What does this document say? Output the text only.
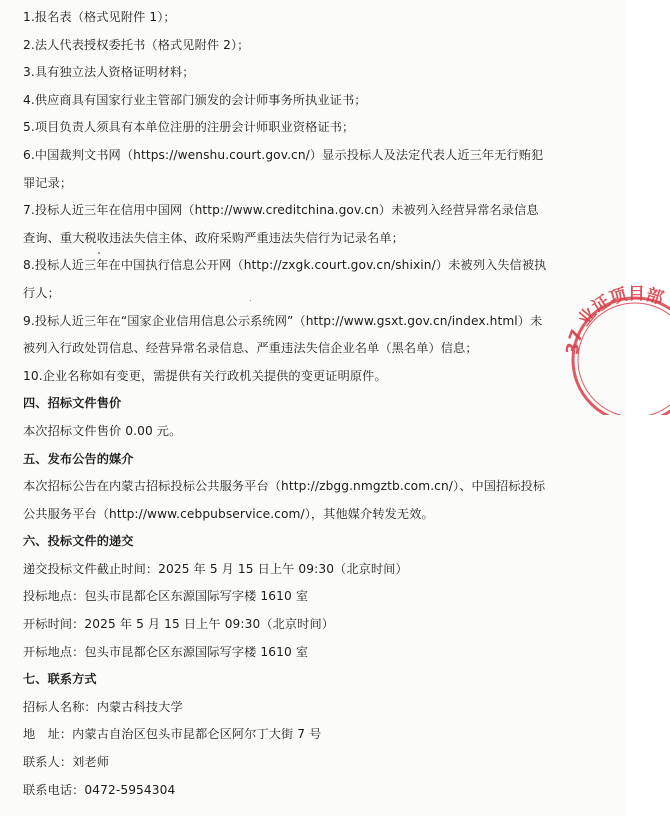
1.报名表（格式见附件 1）；
2.法人代表授权委托书（格式见附件 2）；
3.具有独立法人资格证明材料；
4.供应商具有国家行业主管部门颁发的会计师事务所执业证书；
5.项目负责人须具有本单位注册的注册会计师职业资格证书；
6.中国裁判文书网（https://wenshu.court.gov.cn/）显示投标人及法定代表人近三年无行贿犯
罪记录；
7.投标人近三年在信用中国网（http://www.creditchina.gov.cn）未被列入经营异常名录信息
查询、重大税收违法失信主体、政府采购严重违法失信行为记录名单；
8.投标人近三年在中国执行信息公开网（http://zxgk.court.gov.cn/shixin/）未被列入失信被执
行人；
9.投标人近三年在“国家企业信用信息公示系统网”（http://www.gsxt.gov.cn/index.html）未
被列入行政处罚信息、经营异常名录信息、严重违法失信企业名单（黑名单）信息；
10.企业名称如有变更，需提供有关行政机关提供的变更证明原件。
四、招标文件售价
本次招标文件售价 0.00 元。
五、发布公告的媒介
本次招标公告在内蒙古招标投标公共服务平台（http://zbgg.nmgztb.com.cn/）、中国招标投标
公共服务平台（http://www.cebpubservice.com/），其他媒介转发无效。
六、投标文件的递交
递交投标文件截止时间：2025 年 5 月 15 日上午 09:30（北京时间）
投标地点：包头市昆都仑区东源国际写字楼 1610 室
开标时间：2025 年 5 月 15 日上午 09:30（北京时间）
开标地点：包头市昆都仑区东源国际写字楼 1610 室
七、联系方式
招标人名称：内蒙古科技大学
地　址：内蒙古自治区包头市昆都仑区阿尔丁大街 7 号
联系人：刘老师
联系电话：0472-5954304
37 业证项目部
